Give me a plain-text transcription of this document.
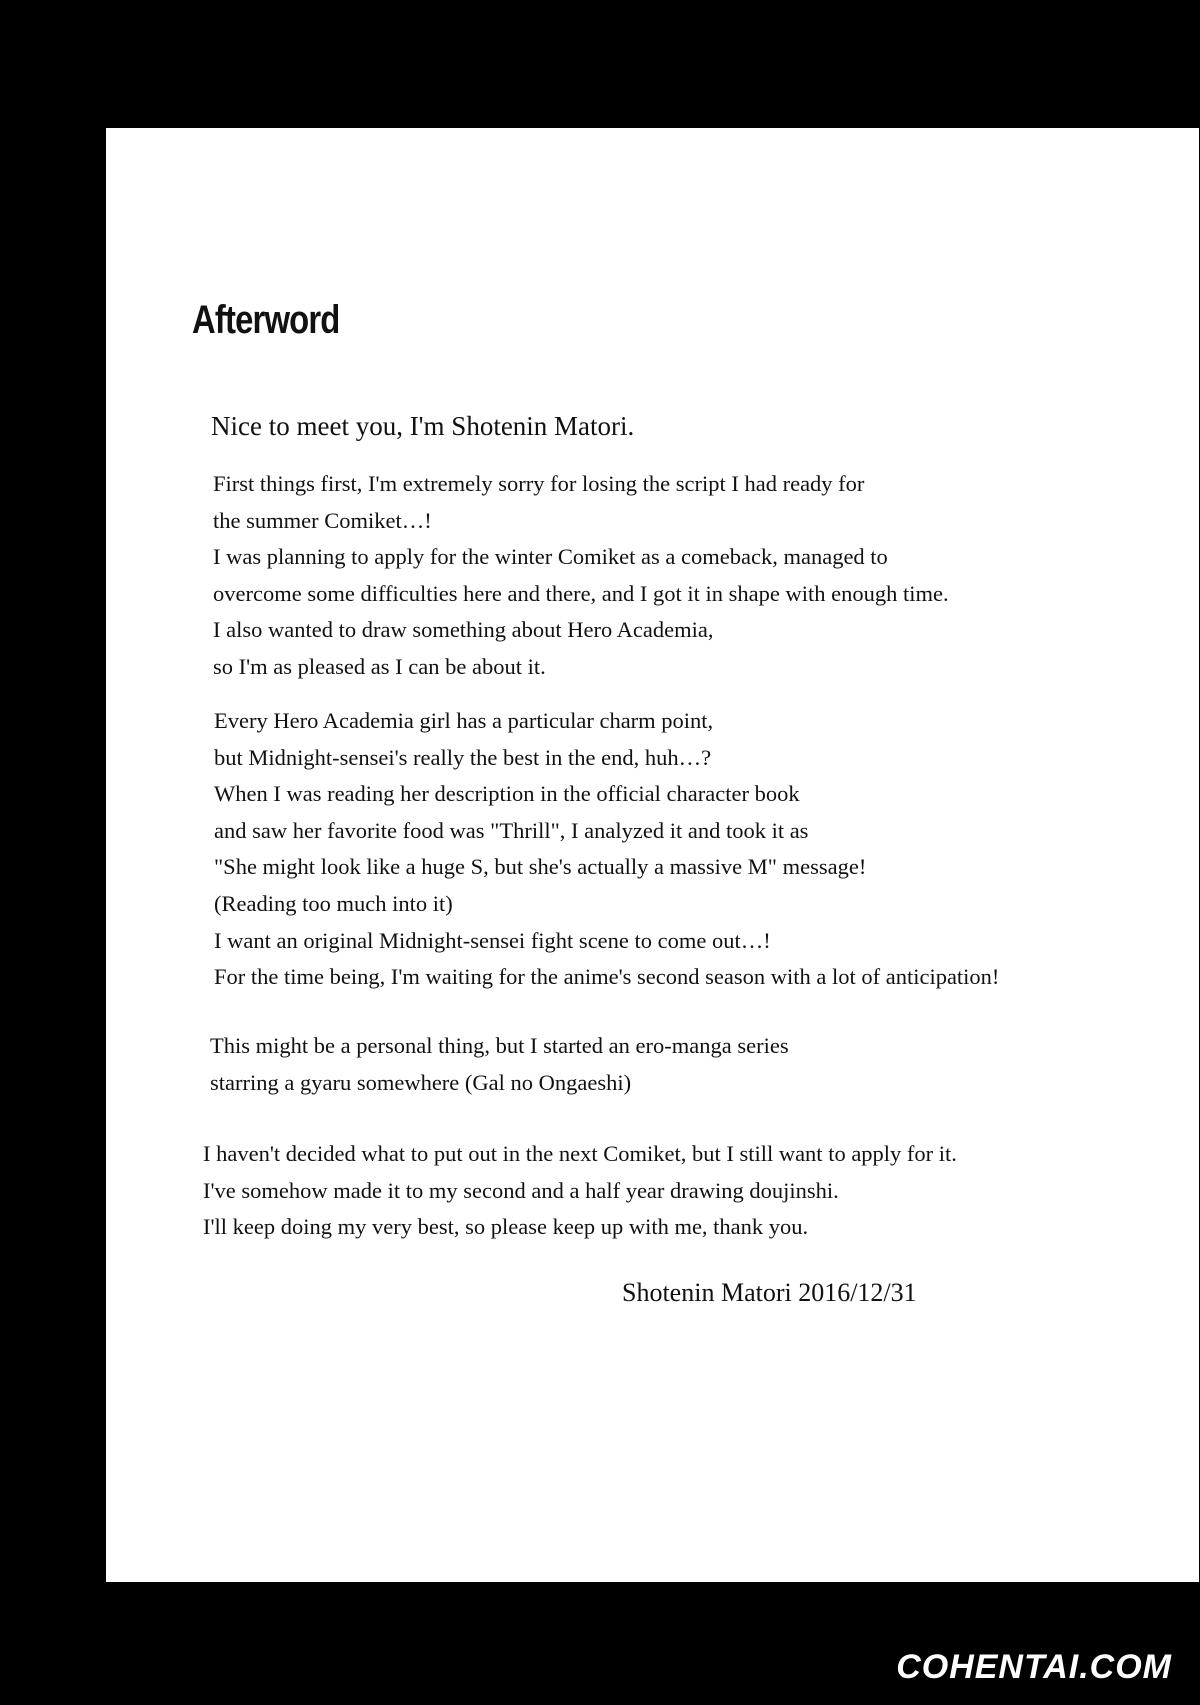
Afterword

Nice to meet you, I'm Shotenin Matori.

First things first, I'm extremely sorry for losing the script I had ready for
the summer Comiket…!
I was planning to apply for the winter Comiket as a comeback, managed to
overcome some difficulties here and there, and I got it in shape with enough time.
I also wanted to draw something about Hero Academia,
so I'm as pleased as I can be about it.
Every Hero Academia girl has a particular charm point,
but Midnight-sensei's really the best in the end, huh…?
When I was reading her description in the official character book
and saw her favorite food was "Thrill", I analyzed it and took it as
"She might look like a huge S, but she's actually a massive M" message!
(Reading too much into it)
I want an original Midnight-sensei fight scene to come out…!
For the time being, I'm waiting for the anime's second season with a lot of anticipation!
This might be a personal thing, but I started an ero-manga series
starring a gyaru somewhere (Gal no Ongaeshi)
I haven't decided what to put out in the next Comiket, but I still want to apply for it.
I've somehow made it to my second and a half year drawing doujinshi.
I'll keep doing my very best, so please keep up with me, thank you.

Shotenin Matori 2016/12/31

COHENTAI.COM
